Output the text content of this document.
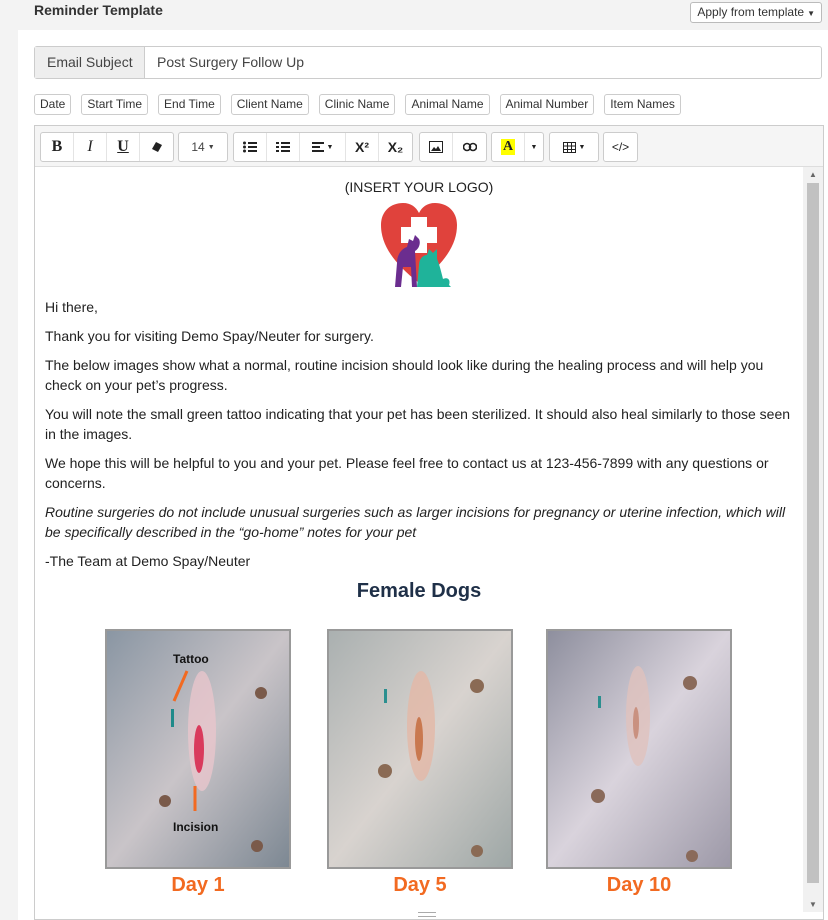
Reminder Template	Apply from template ▼
Email Subject	Post Surgery Follow Up
Date	Start Time	End Time	Client Name	Clinic Name	Animal Name	Animal Number	Item Names
B	I	U	14 ▼	▼	X²	X₂	A ▼	▼	</>

(INSERT YOUR LOGO)

Hi there,

Thank you for visiting Demo Spay/Neuter for surgery.

The below images show what a normal, routine incision should look like during the healing process and will help you check on your pet’s progress.

You will note the small green tattoo indicating that your pet has been sterilized. It should also heal similarly to those seen in the images.

We hope this will be helpful to you and your pet. Please feel free to contact us at 123-456-7899 with any questions or concerns.

Routine surgeries do not include unusual surgeries such as larger incisions for pregnancy or uterine infection, which will be specifically described in the “go-home” notes for your pet

-The Team at Demo Spay/Neuter

Female Dogs

Tattoo
Incision
Day 1	Day 5	Day 10
▲
▼
